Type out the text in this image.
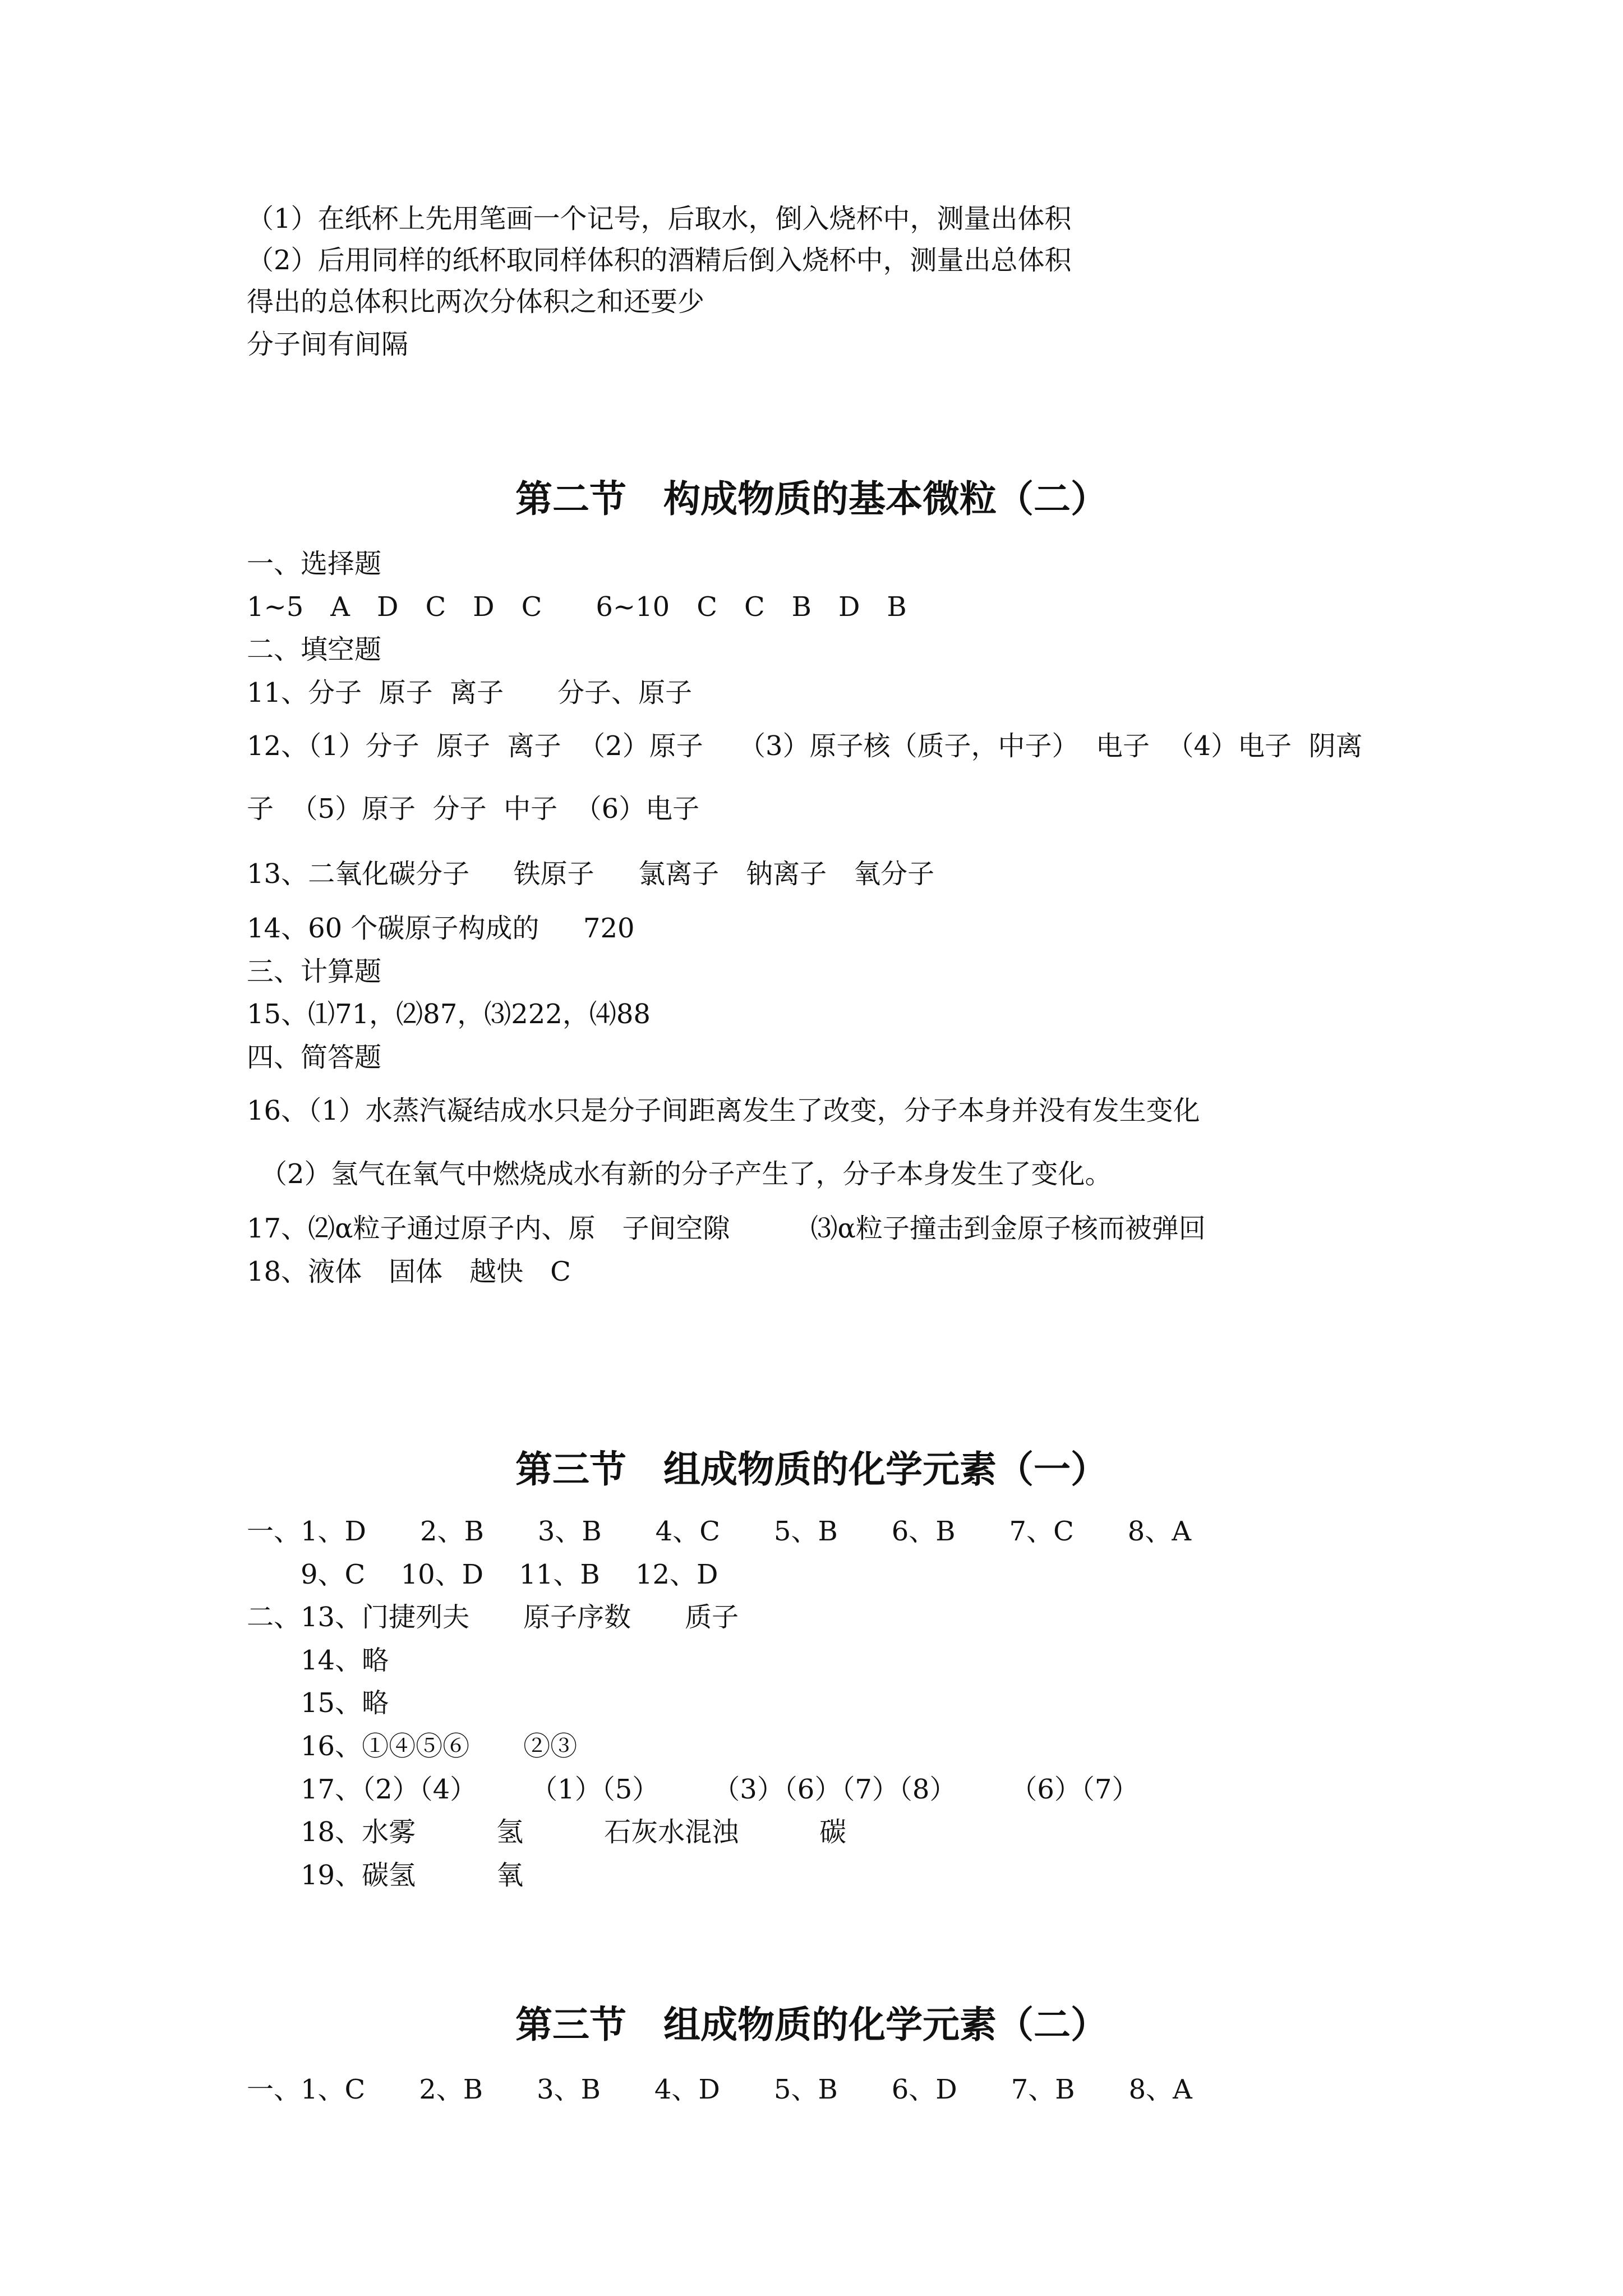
（1）在纸杯上先用笔画一个记号，后取水，倒入烧杯中，测量出体积
（2）后用同样的纸杯取同样体积的酒精后倒入烧杯中，测量出总体积
得出的总体积比两次分体积之和还要少
分子间有间隔
第二节　构成物质的基本微粒（二）
一、选择题
1~5　A　D　C　D　C　　6~10　C　C　B　D　B
二、填空题
11、分子  原子  离子　　分子、原子
12、（1）分子  原子  离子  （2）原子　 （3）原子核（质子，中子）  电子  （4）电子  阴离
子  （5）原子  分子  中子  （6）电子
13、二氧化碳分子　  铁原子　  氯离子　钠离子　氧分子
14、60 个碳原子构成的　  720
三、计算题
15、⑴71，⑵87，⑶222，⑷88
四、简答题
16、（1）水蒸汽凝结成水只是分子间距离发生了改变，分子本身并没有发生变化
　（2）氢气在氧气中燃烧成水有新的分子产生了，分子本身发生了变化。
17、⑵α粒子通过原子内、原　子间空隙　　　⑶α粒子撞击到金原子核而被弹回
18、液体　固体　越快　C
第三节　组成物质的化学元素（一）
一、1、D　　2、B　　3、B　　4、C　　5、B　　6、B　　7、C　　8、A
　　9、C　 10、D　 11、B　 12、D
二、13、门捷列夫　　原子序数　　质子
　　14、略
　　15、略
　　16、①④⑤⑥　　②③
　　17、（2）（4）　　　（1）（5）　　　（3）（6）（7）（8）　　　（6）（7）
　　18、水雾　　　氢　　　石灰水混浊　　　碳
　　19、碳氢　　　氧
第三节　组成物质的化学元素（二）
一、1、C　　2、B　　3、B　　4、D　　5、B　　6、D　　7、B　　8、A
